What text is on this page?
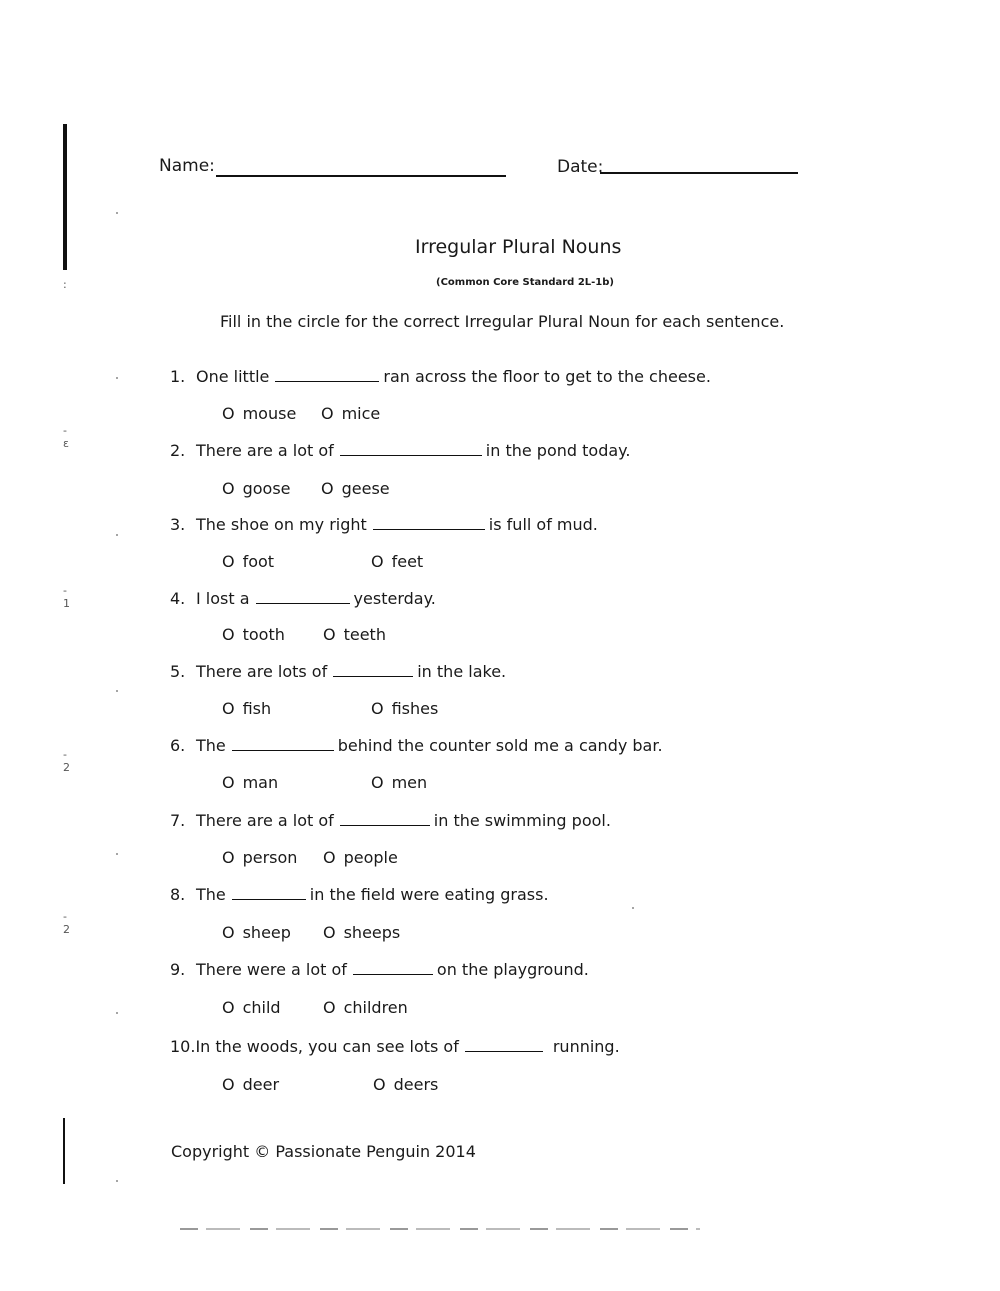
:
-
ɛ
-
1
-
2
-
2
Name:	Date:
Irregular Plural Nouns
(Common Core Standard 2L-1b)
Fill in the circle for the correct Irregular Plural Noun for each sentence.
1. One little	ran across the floor to get to the cheese.
O mouse O mice
2. There are a lot of	in the pond today.
O goose O geese
3. The shoe on my right	is full of mud.
O foot	O feet
4. I lost a	yesterday.
O tooth O teeth
5. There are lots of	in the lake.
O fish	O fishes
6. The	behind the counter sold me a candy bar.
O man	O men
7. There are a lot of	in the swimming pool.
O person O people
8. The	in the field were eating grass.
O sheep O sheeps
9. There were a lot of	on the playground.
O child	O children
10.In the woods, you can see lots of	running.
O deer	O deers
Copyright © Passionate Penguin 2014
